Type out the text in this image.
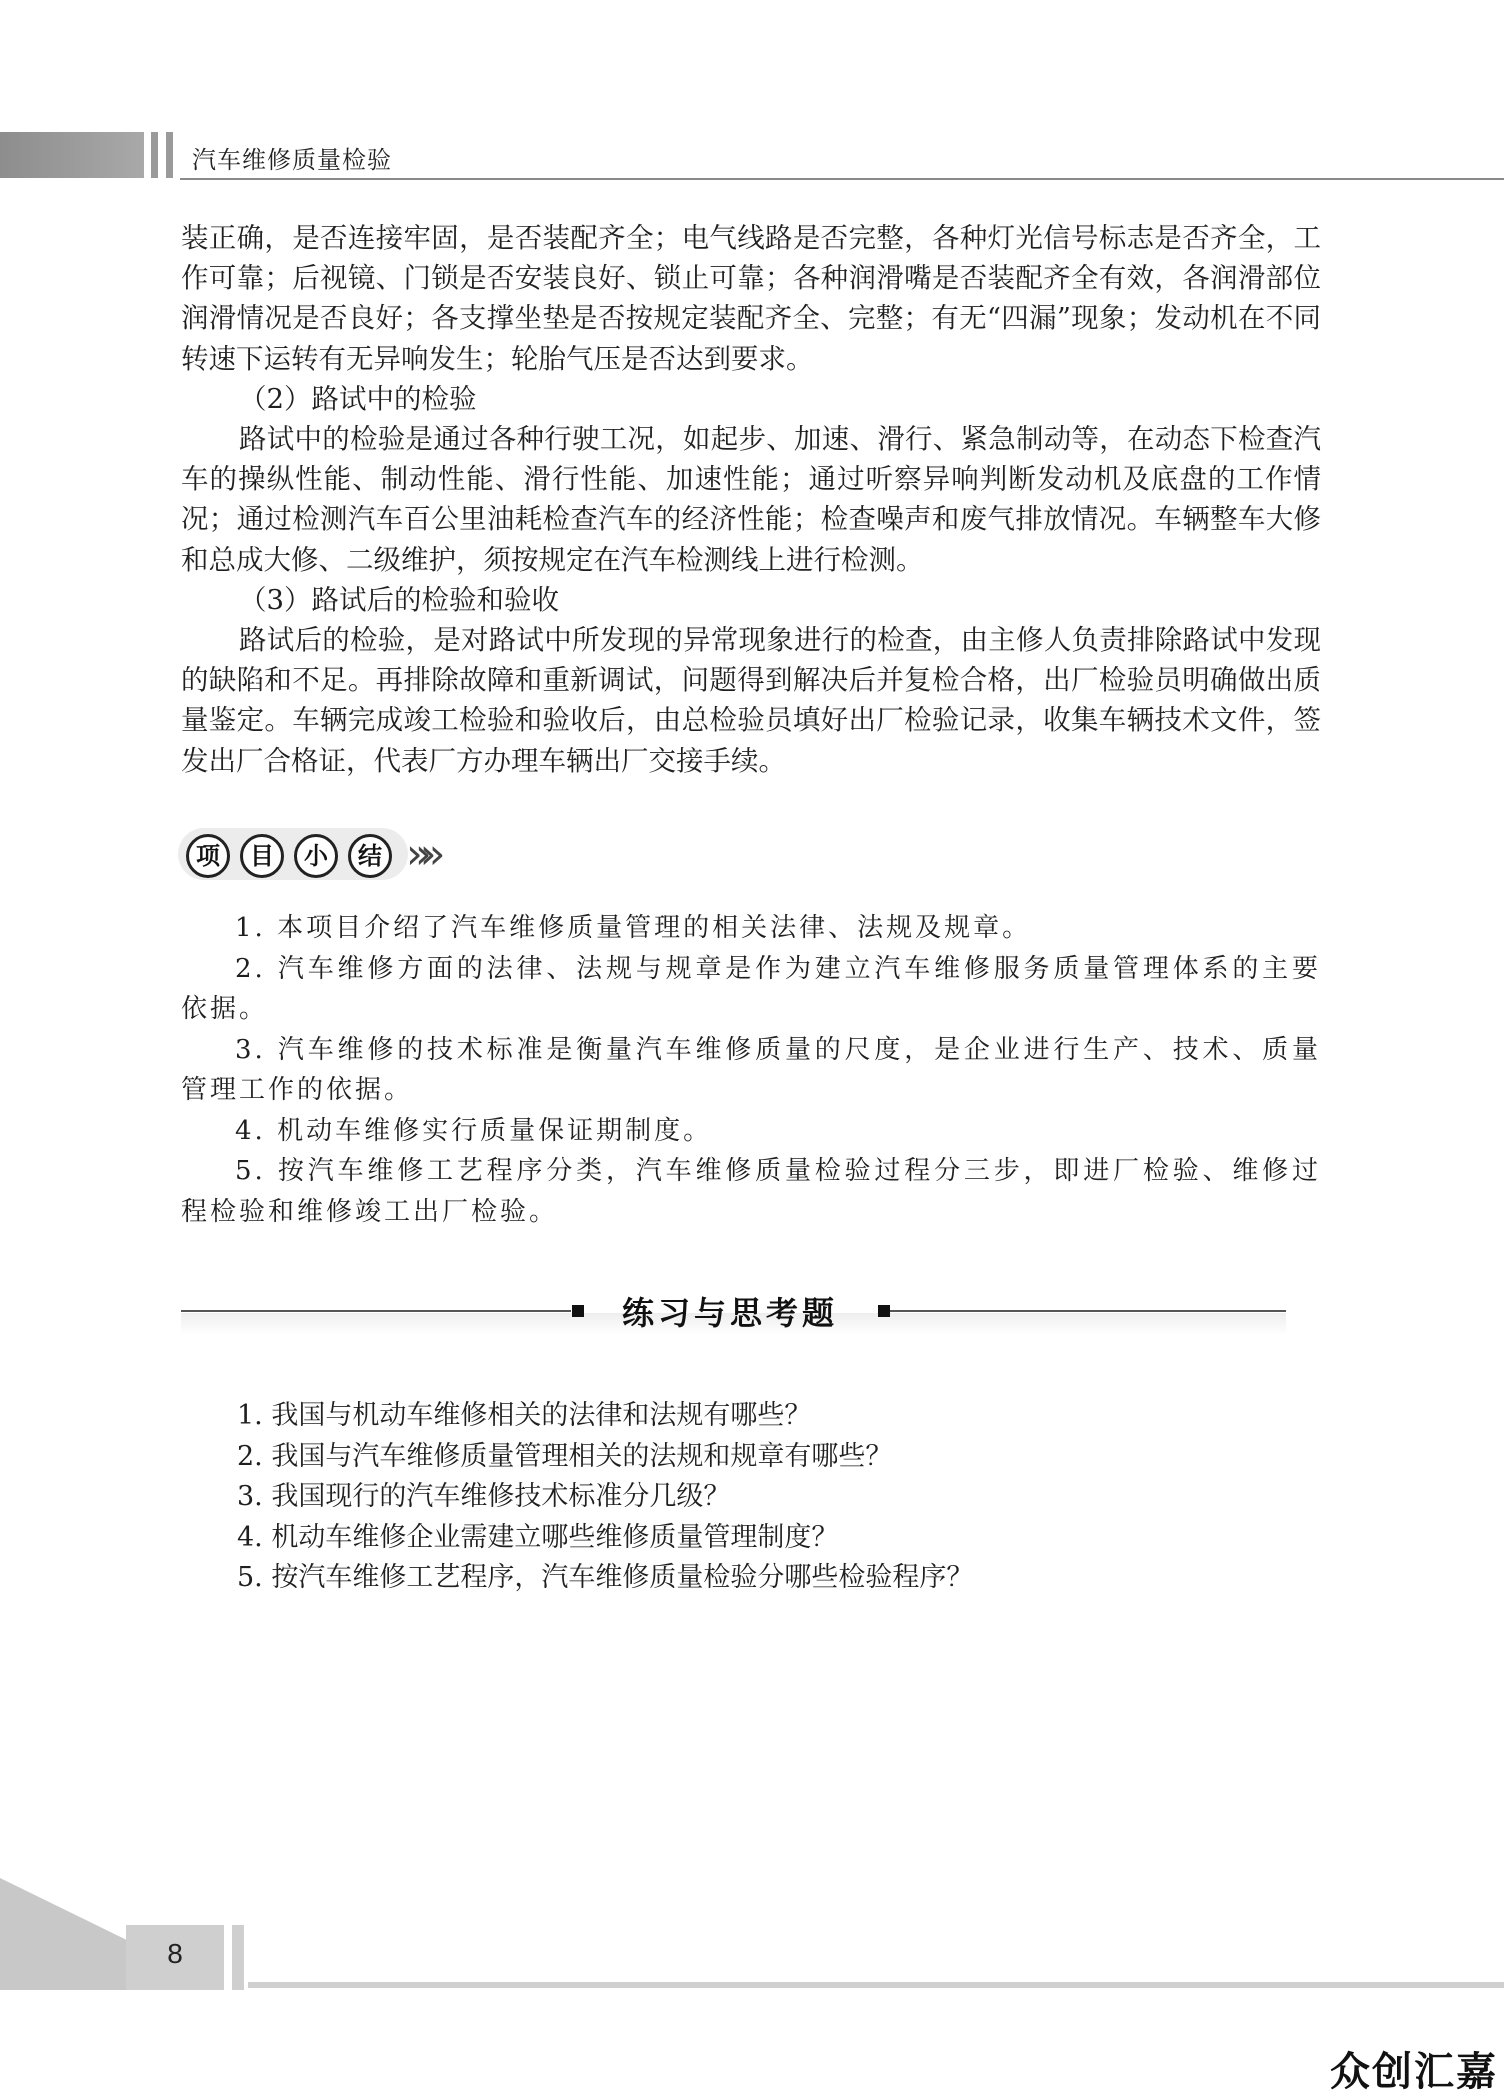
汽车维修质量检验

装正确，是否连接牢固，是否装配齐全；电气线路是否完整，各种灯光信号标志是否齐全，工作可靠；后视镜、门锁是否安装良好、锁止可靠；各种润滑嘴是否装配齐全有效，各润滑部位润滑情况是否良好；各支撑坐垫是否按规定装配齐全、完整；有无“四漏”现象；发动机在不同转速下运转有无异响发生；轮胎气压是否达到要求。

（2）路试中的检验

路试中的检验是通过各种行驶工况，如起步、加速、滑行、紧急制动等，在动态下检查汽车的操纵性能、制动性能、滑行性能、加速性能；通过听察异响判断发动机及底盘的工作情况；通过检测汽车百公里油耗检查汽车的经济性能；检查噪声和废气排放情况。车辆整车大修和总成大修、二级维护，须按规定在汽车检测线上进行检测。

（3）路试后的检验和验收

路试后的检验，是对路试中所发现的异常现象进行的检查，由主修人负责排除路试中发现的缺陷和不足。再排除故障和重新调试，问题得到解决后并复检合格，出厂检验员明确做出质量鉴定。车辆完成竣工检验和验收后，由总检验员填好出厂检验记录，收集车辆技术文件，签发出厂合格证，代表厂方办理车辆出厂交接手续。

项	目	小	结 »»

1. 本项目介绍了汽车维修质量管理的相关法律、法规及规章。

2. 汽车维修方面的法律、法规与规章是作为建立汽车维修服务质量管理体系的主要依据。

3. 汽车维修的技术标准是衡量汽车维修质量的尺度，是企业进行生产、技术、质量管理工作的依据。

4. 机动车维修实行质量保证期制度。

5. 按汽车维修工艺程序分类，汽车维修质量检验过程分三步，即进厂检验、维修过程检验和维修竣工出厂检验。

练习与思考题

1. 我国与机动车维修相关的法律和法规有哪些？

2. 我国与汽车维修质量管理相关的法规和规章有哪些？

3. 我国现行的汽车维修技术标准分几级？

4. 机动车维修企业需建立哪些维修质量管理制度？

5. 按汽车维修工艺程序，汽车维修质量检验分哪些检验程序？

8
众创汇嘉
